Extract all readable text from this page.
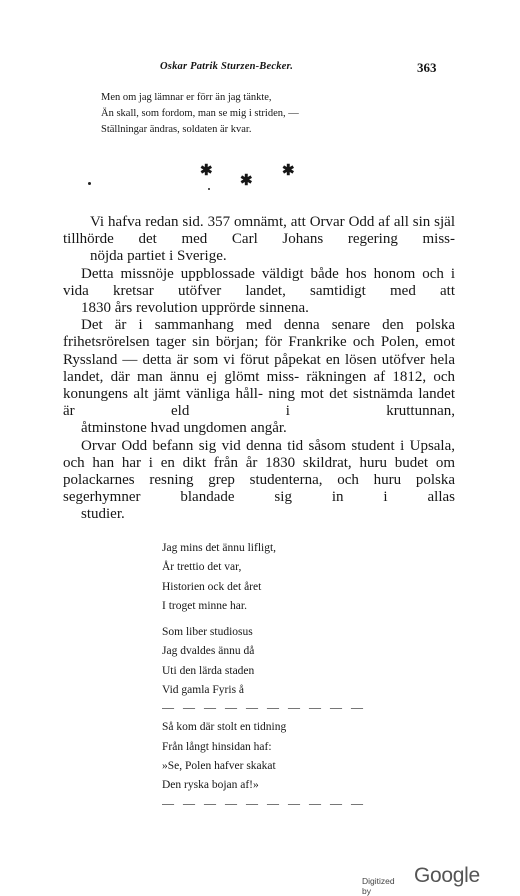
Oskar Patrik Sturzen-Becker.	363
Men om jag lämnar er förr än jag tänkte,
Än skall, som fordom, man se mig i striden, —
Ställningar ändras, soldaten är kvar.
✱
✱
✱

Vi hafva redan sid. 357 omnämt, att Orvar Odd af all sin själ tillhörde det med Carl Johans regering miss-
nöjda partiet i Sverige.

Detta missnöje uppblossade väldigt både hos honom och i vida kretsar utöfver landet, samtidigt med att
1830 års revolution upprörde sinnena.

Det är i sammanhang med denna senare den polska frihetsrörelsen tager sin början; för Frankrike och Polen, emot Ryssland — detta är som vi förut påpekat en lösen utöfver hela landet, där man ännu ej glömt miss- räkningen af 1812, och konungens alt jämt vänliga håll- ning mot det sistnämda landet är eld i kruttunnan,
åtminstone hvad ungdomen angår.

Orvar Odd befann sig vid denna tid såsom student i Upsala, och han har i en dikt från år 1830 skildrat, huru budet om polackarnes resning grep studenterna, och huru polska segerhymner blandade sig in i allas
studier.

Jag mins det ännu lifligt,
År trettio det var,
Historien ock det året
I troget minne har.
Som liber studiosus
Jag dvaldes ännu då
Uti den lärda staden
Vid gamla Fyris å
— — — — — — — — — —
Så kom där stolt en tidning
Från långt hinsidan haf:
»Se, Polen hafver skakat
Den ryska bojan af!»
— — — — — — — — — —
Digitized by
Google
